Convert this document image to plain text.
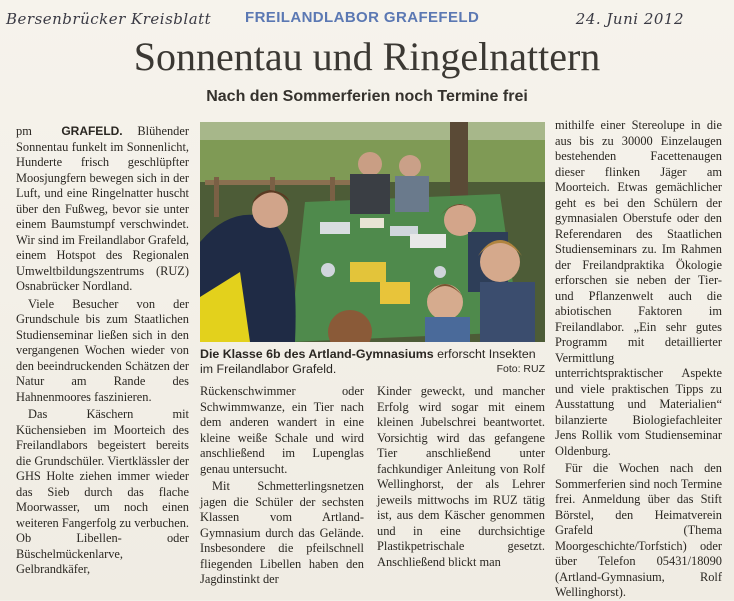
Bersenbrücker Kreisblatt FREILANDLABOR GRAFEFELD	24. Juni 2012
Sonnentau und Ringelnattern
Nach den Sommerferien noch Termine frei

pm GRAFELD. Blühender Sonnentau funkelt im Sonnenlicht, Hunderte frisch geschlüpfter Moosjungfern bewegen sich in der Luft, und eine Ringelnatter huscht über den Fußweg, bevor sie unter einem Baumstumpf verschwindet. Wir sind im Freilandlabor Grafeld, einem Hotspot des Regionalen Umweltbildungszentrums (RUZ) Osnabrücker Nordland.

Viele Besucher von der Grundschule bis zum Staatlichen Studienseminar ließen sich in den vergangenen Wochen wieder von den beeindruckenden Schätzen der Natur am Rande des Hahnenmoores faszinieren.

Das Käschern mit Küchensieben im Moorteich des Freilandlabors begeistert bereits die Grundschüler. Viertklässler der GHS Holte ziehen immer wieder das Sieb durch das flache Moorwasser, um noch einen weiteren Fangerfolg zu verbuchen. Ob Libellen- oder Büschelmückenlarve, Gelbrandkäfer,

Die Klasse 6b des Artland-Gymnasiums erforscht Insekten im Freilandlabor Grafeld.	Foto: RUZ

Rückenschwimmer oder Schwimmwanze, ein Tier nach dem anderen wandert in eine kleine weiße Schale und wird anschließend im Lupenglas genau untersucht.

Mit Schmetterlingsnetzen jagen die Schüler der sechsten Klassen vom Artland-Gymnasium durch das Gelände. Insbesondere die pfeilschnell fliegenden Libellen haben den Jagdinstinkt der

Kinder geweckt, und mancher Erfolg wird sogar mit einem kleinen Jubelschrei beantwortet. Vorsichtig wird das gefangene Tier anschließend unter fachkundiger Anleitung von Rolf Wellinghorst, der als Lehrer jeweils mittwochs im RUZ tätig ist, aus dem Käscher genommen und in eine durchsichtige Plastikpetrischale gesetzt. Anschließend blickt man

mithilfe einer Stereolupe in die aus bis zu 30000 Einzelaugen bestehenden Facettenaugen dieser flinken Jäger am Moorteich. Etwas gemächlicher geht es bei den Schülern der gymnasialen Oberstufe oder den Referendaren des Staatlichen Studienseminars zu. Im Rahmen der Freilandpraktika Ökologie erforschen sie neben der Tier- und Pflanzenwelt auch die abiotischen Faktoren im Freilandlabor. „Ein sehr gutes Programm mit detaillierter Vermittlung unterrichtspraktischer Aspekte und viele praktischen Tipps zu Ausstattung und Materialien“ bilanzierte Biologiefachleiter Jens Rollik vom Studienseminar Oldenburg.

Für die Wochen nach den Sommerferien sind noch Termine frei. Anmeldung über das Stift Börstel, den Heimatverein Grafeld (Thema Moorgeschichte/Torfstich) oder über Telefon 05431/18090 (Artland-Gymnasium, Rolf Wellinghorst).
